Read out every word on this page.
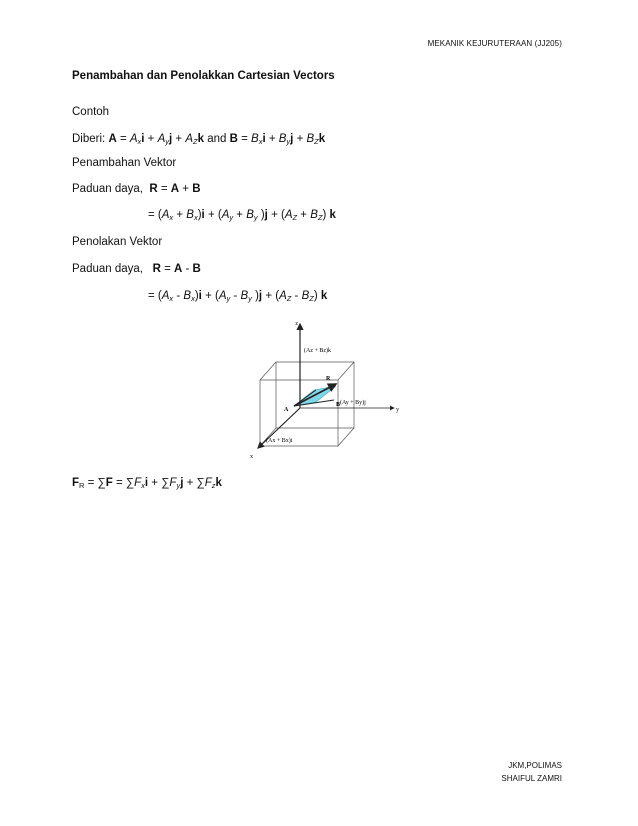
MEKANIK KEJURUTERAAN (JJ205)
Penambahan dan Penolakkan Cartesian Vectors
Contoh
Diberi: $A = A_xi + A_yj + A_Zk$ and $B = B_xi + B_yj + B_Zk$
Penambahan Vektor
Paduan daya, R = A + B
= $(A_x + B_x)i + (A_y + B_y$ )$j + (A_Z + B_Z)$ k
Penolakan Vektor
Paduan daya, R = A - B
= $(A_x - B_x)i + (A_y - B_y$ )$j + (A_Z - B_Z)$ k
z
y
x
A
B
R
(Az + Bz)k
(Ay + By)j
(Ax + Bx)i
$F_R = \sum F = \sum F_xi + \sum F_yj + \sum F_zk$
JKM,POLIMAS
SHAIFUL ZAMRI
